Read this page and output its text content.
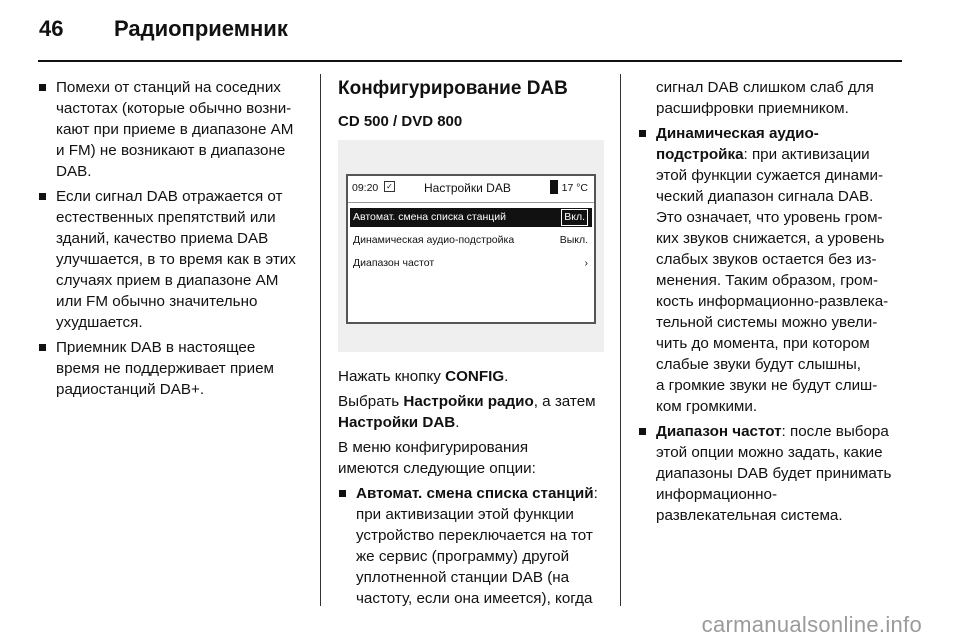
46 Радиоприемник
Помехи от станций на соседних
частотах (которые обычно возни-
кают при приеме в диапазоне AM
и FM) не возникают в диапазоне
DAB.
Если сигнал DAB отражается от
естественных препятствий или
зданий, качество приема DAB
улучшается, в то время как в этих
случаях прием в диапазоне AM
или FM обычно значительно
ухудшается.
Приемник DAB в настоящее
время не поддерживает прием
радиостанций DAB+.
Конфигурирование DAB
CD 500 / DVD 800
09:20 ✓	Настройки DAB	17 °C
Автомат. смена списка станций	Вкл.
Динамическая аудио-подстройка	Выкл.
Диапазон частот	›

Нажать кнопку CONFIG.

Выбрать Настройки радио, а затем
Настройки DAB.

В меню конфигурирования
имеются следующие опции:

Автомат. смена списка станций:
при активизации этой функции
устройство переключается на тот
же сервис (программу) другой
уплотненной станции DAB (на
частоту, если она имеется), когда
сигнал DAB слишком слаб для
расшифровки приемником.
Динамическая аудио-
подстройка: при активизации
этой функции сужается динами-
ческий диапазон сигнала DAB.
Это означает, что уровень гром-
ких звуков снижается, а уровень
слабых звуков остается без из-
менения. Таким образом, гром-
кость информационно-развлека-
тельной системы можно увели-
чить до момента, при котором
слабые звуки будут слышны,
а громкие звуки не будут слиш-
ком громкими.
Диапазон частот: после выбора
этой опции можно задать, какие
диапазоны DAB будет принимать
информационно-
развлекательная система.
carmanualsonline.info
